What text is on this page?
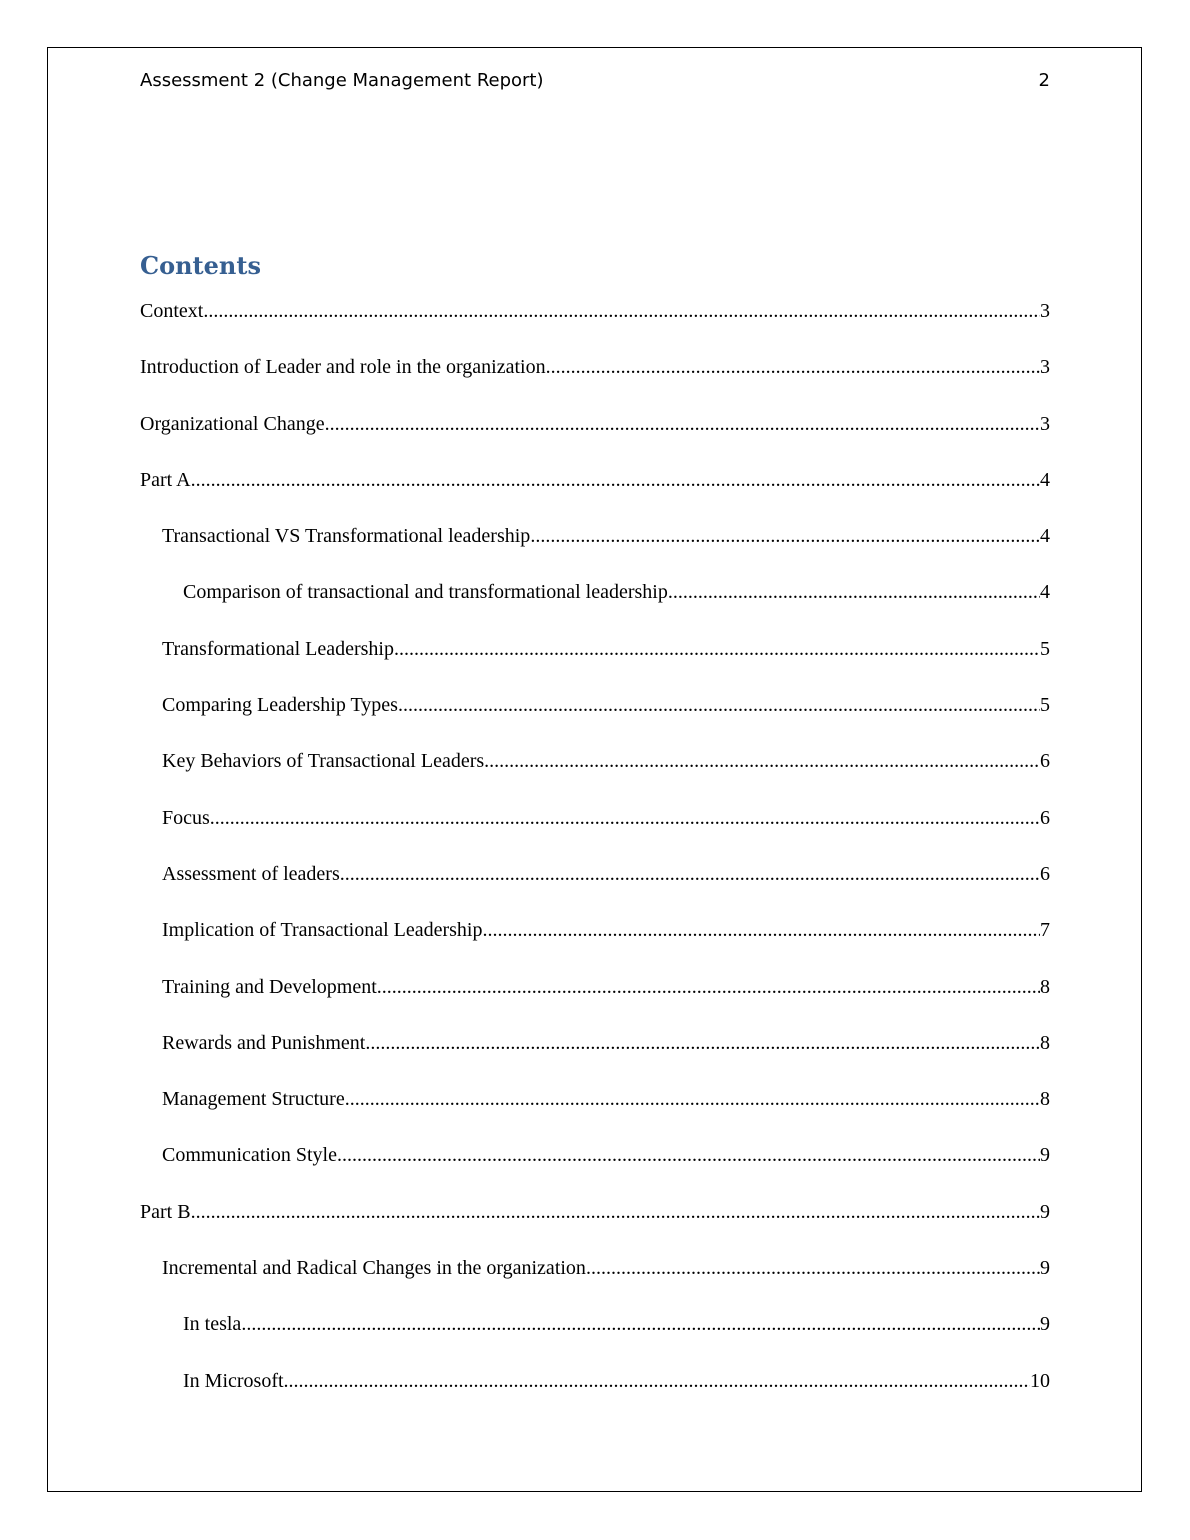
Assessment 2 (Change Management Report)	2
Contents
Context .....	3
Introduction of Leader and role in the organization .....	3
Organizational Change .....	3
Part A .....	4
Transactional VS Transformational leadership .....	4
Comparison of transactional and transformational leadership .....	4
Transformational Leadership .....	5
Comparing Leadership Types .....	5
Key Behaviors of Transactional Leaders .....	6
Focus .....	6
Assessment of leaders .....	6
Implication of Transactional Leadership .....	7
Training and Development .....	8
Rewards and Punishment .....	8
Management Structure .....	8
Communication Style .....	9
Part B .....	9
Incremental and Radical Changes in the organization .....	9
In tesla .....	9
In Microsoft .....	10
